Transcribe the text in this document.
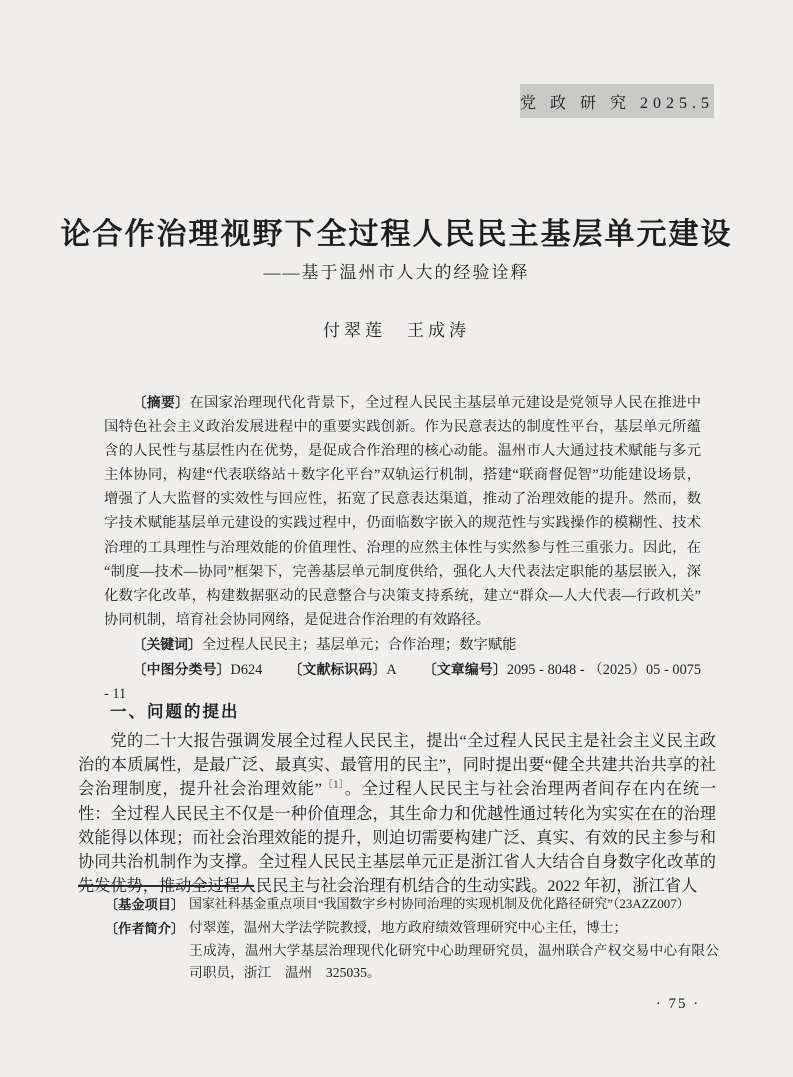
党 政 研 究 2025.5
论合作治理视野下全过程人民民主基层单元建设
——基于温州市人大的经验诠释
付翠莲　王成涛

〔摘要〕在国家治理现代化背景下，全过程人民民主基层单元建设是党领导人民在推进中国特色社会主义政治发展进程中的重要实践创新。作为民意表达的制度性平台，基层单元所蕴含的人民性与基层性内在优势，是促成合作治理的核心动能。温州市人大通过技术赋能与多元主体协同，构建“代表联络站＋数字化平台”双轨运行机制，搭建“联商督促智”功能建设场景，增强了人大监督的实效性与回应性，拓宽了民意表达渠道，推动了治理效能的提升。然而，数字技术赋能基层单元建设的实践过程中，仍面临数字嵌入的规范性与实践操作的模糊性、技术治理的工具理性与治理效能的价值理性、治理的应然主体性与实然参与性三重张力。因此，在“制度—技术—协同”框架下，完善基层单元制度供给，强化人大代表法定职能的基层嵌入，深化数字化改革，构建数据驱动的民意整合与决策支持系统，建立“群众—人大代表—行政机关”协同机制，培育社会协同网络，是促进合作治理的有效路径。

〔关键词〕全过程人民民主；基层单元；合作治理；数字赋能

〔中图分类号〕D624 〔文献标识码〕A 〔文章编号〕2095 - 8048 - （2025）05 - 0075 - 11

一、问题的提出

党的二十大报告强调发展全过程人民民主，提出“全过程人民民主是社会主义民主政治的本质属性，是最广泛、最真实、最管用的民主”，同时提出要“健全共建共治共享的社会治理制度，提升社会治理效能”$^{〔1〕}$。全过程人民民主与社会治理两者间存在内在统一性：全过程人民民主不仅是一种价值理念，其生命力和优越性通过转化为实实在在的治理效能得以体现；而社会治理效能的提升，则迫切需要构建广泛、真实、有效的民主参与和协同共治机制作为支撑。全过程人民民主基层单元正是浙江省人大结合自身数字化改革的先发优势，推动全过程人民民主与社会治理有机结合的生动实践。2022 年初，浙江省人

〔基金项目〕 国家社科基金重点项目“我国数字乡村协同治理的实现机制及优化路径研究”（23AZZ007）
〔作者简介〕 付翠莲，温州大学法学院教授，地方政府绩效管理研究中心主任，博士；

王成涛，温州大学基层治理现代化研究中心助理研究员，温州联合产权交易中心有限公司职员，浙江　温州　325035。

· 75 ·
